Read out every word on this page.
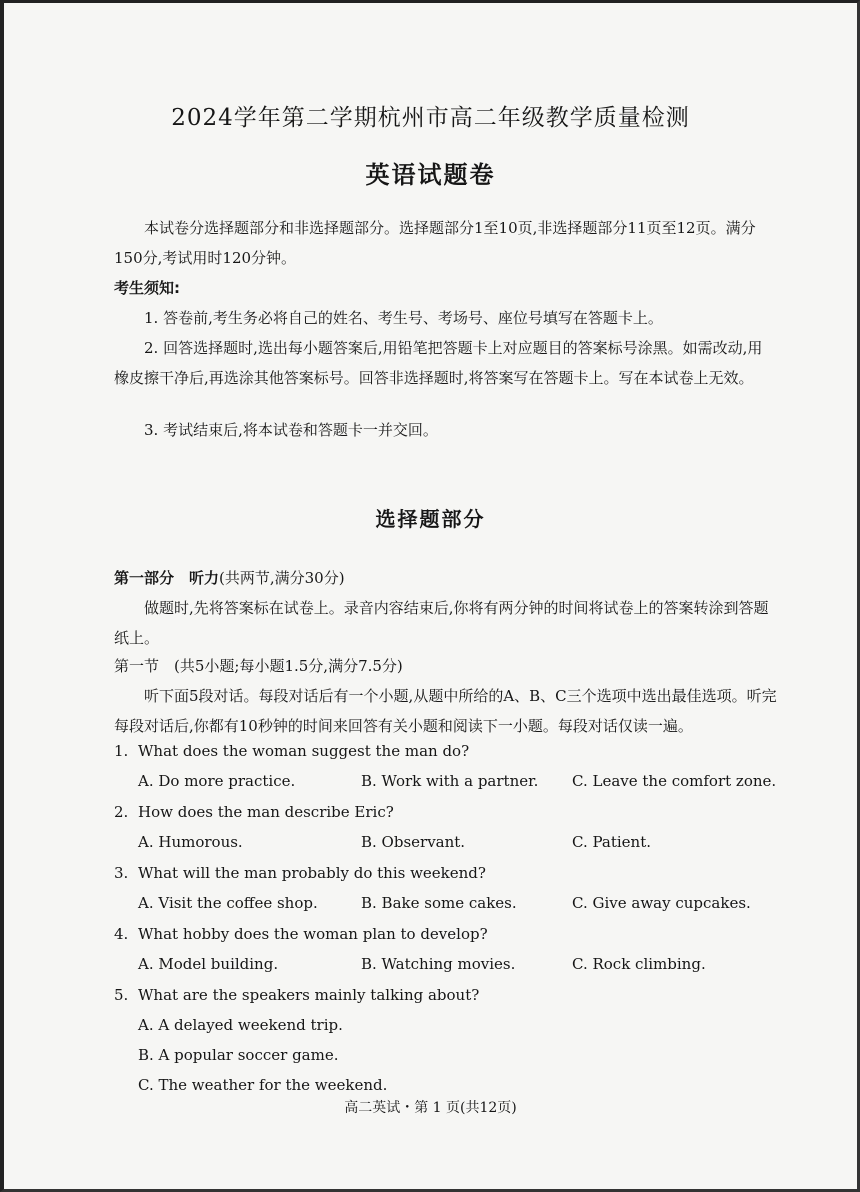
2024学年第二学期杭州市高二年级教学质量检测
英语试题卷

本试卷分选择题部分和非选择题部分。选择题部分1至10页,非选择题部分11页至12页。满分150分,考试用时120分钟。

考生须知:

1. 答卷前,考生务必将自己的姓名、考生号、考场号、座位号填写在答题卡上。

2. 回答选择题时,选出每小题答案后,用铅笔把答题卡上对应题目的答案标号涂黑。如需改动,用橡皮擦干净后,再选涂其他答案标号。回答非选择题时,将答案写在答题卡上。写在本试卷上无效。

3. 考试结束后,将本试卷和答题卡一并交回。

选择题部分
第一部分　听力(共两节,满分30分)

做题时,先将答案标在试卷上。录音内容结束后,你将有两分钟的时间将试卷上的答案转涂到答题纸上。

第一节　(共5小题;每小题1.5分,满分7.5分)

听下面5段对话。每段对话后有一个小题,从题中所给的A、B、C三个选项中选出最佳选项。听完每段对话后,你都有10秒钟的时间来回答有关小题和阅读下一小题。每段对话仅读一遍。

1. What does the woman suggest the man do?
A. Do more practice.	B. Work with a partner. C. Leave the comfort zone.
2. How does the man describe Eric?
A. Humorous.	B. Observant.	C. Patient.
3. What will the man probably do this weekend?
A. Visit the coffee shop.	B. Bake some cakes.	C. Give away cupcakes.
4. What hobby does the woman plan to develop?
A. Model building.	B. Watching movies.	C. Rock climbing.
5. What are the speakers mainly talking about?
A. A delayed weekend trip.
B. A popular soccer game.
C. The weather for the weekend.
高二英试・第 1 页(共12页)
